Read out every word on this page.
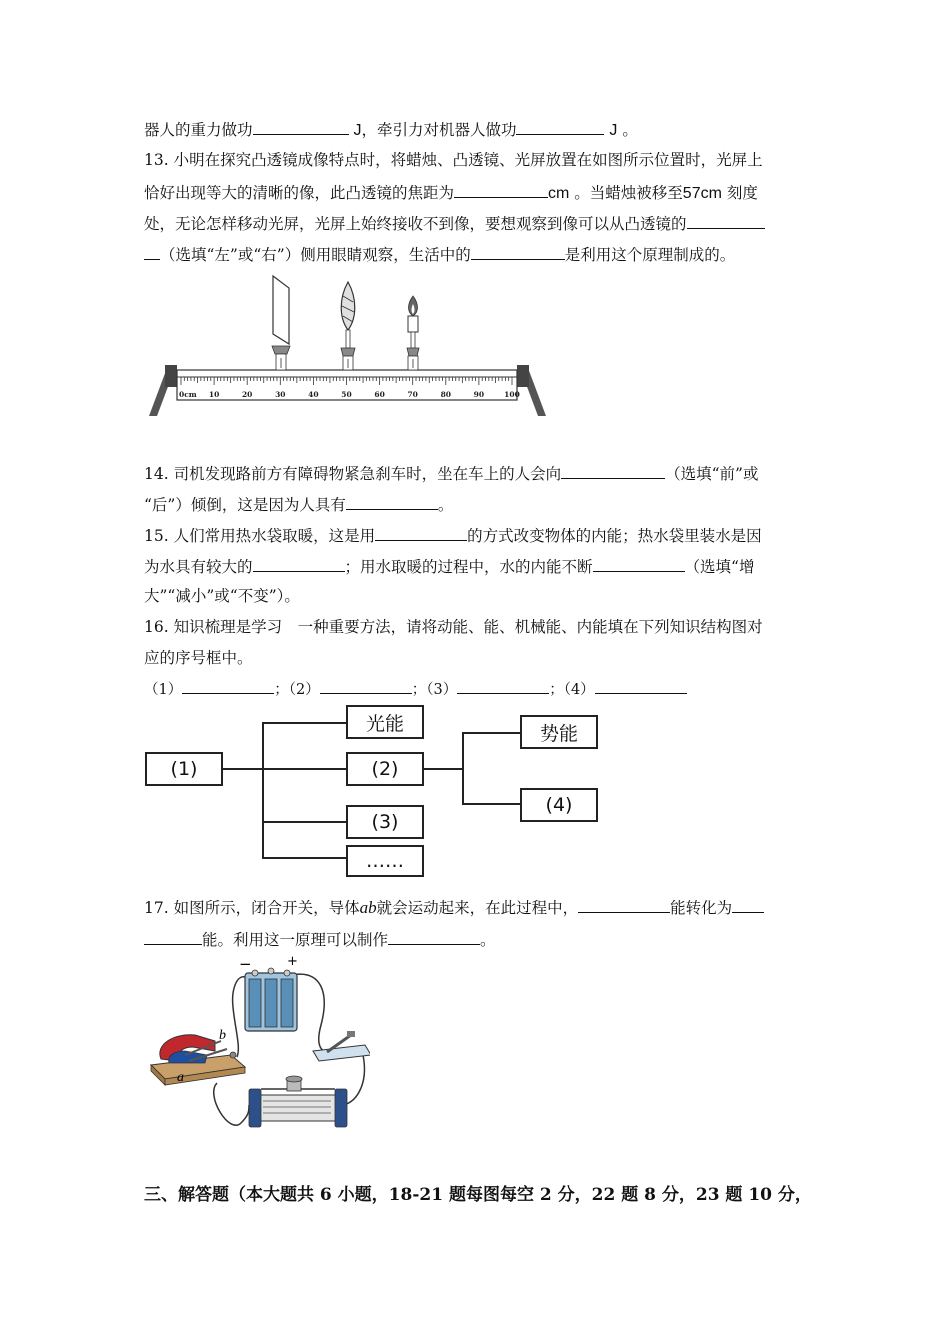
器人的重力做功	J，牵引力对机器人做功	J 。
13. 小明在探究凸透镜成像特点时，将蜡烛、凸透镜、光屏放置在如图所示位置时，光屏上
恰好出现等大的清晰的像，此凸透镜的焦距为	cm 。当蜡烛被移至57cm 刻度
处，无论怎样移动光屏，光屏上始终接收不到像，要想观察到像可以从凸透镜的
（选填“左”或“右”）侧用眼睛观察，生活中的	是利用这个原理制成的。
0cm 10	20	30	40	50	60	70	80	90	100
14. 司机发现路前方有障碍物紧急刹车时，坐在车上的人会向	（选填“前”或
“后”）倾倒，这是因为人具有	。
15. 人们常用热水袋取暖，这是用	的方式改变物体的内能；热水袋里装水是因
为水具有较大的	；用水取暖的过程中，水的内能不断	（选填“增
大”“减小”或“不变”）。
16. 知识梳理是学习　一种重要方法，请将动能、能、机械能、内能填在下列知识结构图对
应的序号框中。
（1）	；（2）	；（3）	；（4）
(1)
光能
(2)
(3)
……
势能
(4)
17. 如图所示，闭合开关，导体ab就会运动起来，在此过程中，	能转化为
能。利用这一原理可以制作	。
−	+
b
a
三、解答题（本大题共 6 小题，18-21 题每图每空 2 分，22 题 8 分，23 题 10 分，
